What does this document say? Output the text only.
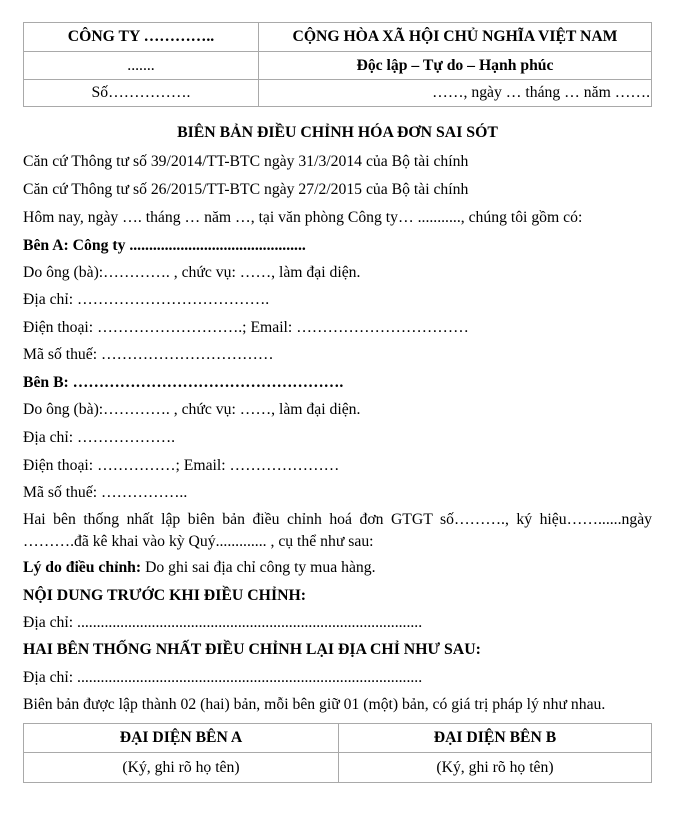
CÔNG TY …………..	CỘNG HÒA XÃ HỘI CHỦ NGHĨA VIỆT NAM
.......	Độc lập – Tự do – Hạnh phúc
Số…………….	……, ngày … tháng … năm …….
BIÊN BẢN ĐIỀU CHỈNH HÓA ĐƠN SAI SÓT

Căn cứ Thông tư số 39/2014/TT-BTC ngày 31/3/2014 của Bộ tài chính

Căn cứ Thông tư số 26/2015/TT-BTC ngày 27/2/2015 của Bộ tài chính

Hôm nay, ngày …. tháng … năm …, tại văn phòng Công ty… ..........., chúng tôi gồm có:

Bên A: Công ty .............................................

Do ông (bà):…………. , chức vụ: ……, làm đại diện.

Địa chỉ: ……………………………….

Điện thoại: ……………………….; Email: ……………………………

Mã số thuế: ……………………………

Bên B: …………………………………………….

Do ông (bà):…………. , chức vụ: ……, làm đại diện.

Địa chỉ: ……………….

Điện thoại: ……………; Email: …………………

Mã số thuế: ……………..

Hai bên thống nhất lập biên bản điều chỉnh hoá đơn GTGT số………., ký hiệu……......ngày

……….đã kê khai vào kỳ Quý............. , cụ thể như sau:

Lý do điều chỉnh: Do ghi sai địa chỉ công ty mua hàng.

NỘI DUNG TRƯỚC KHI ĐIỀU CHỈNH:

Địa chỉ: ........................................................................................

HAI BÊN THỐNG NHẤT ĐIỀU CHỈNH LẠI ĐỊA CHỈ NHƯ SAU:

Địa chỉ: ........................................................................................

Biên bản được lập thành 02 (hai) bản, mỗi bên giữ 01 (một) bản, có giá trị pháp lý như nhau.

ĐẠI DIỆN BÊN A	ĐẠI DIỆN BÊN B
(Ký, ghi rõ họ tên)	(Ký, ghi rõ họ tên)
